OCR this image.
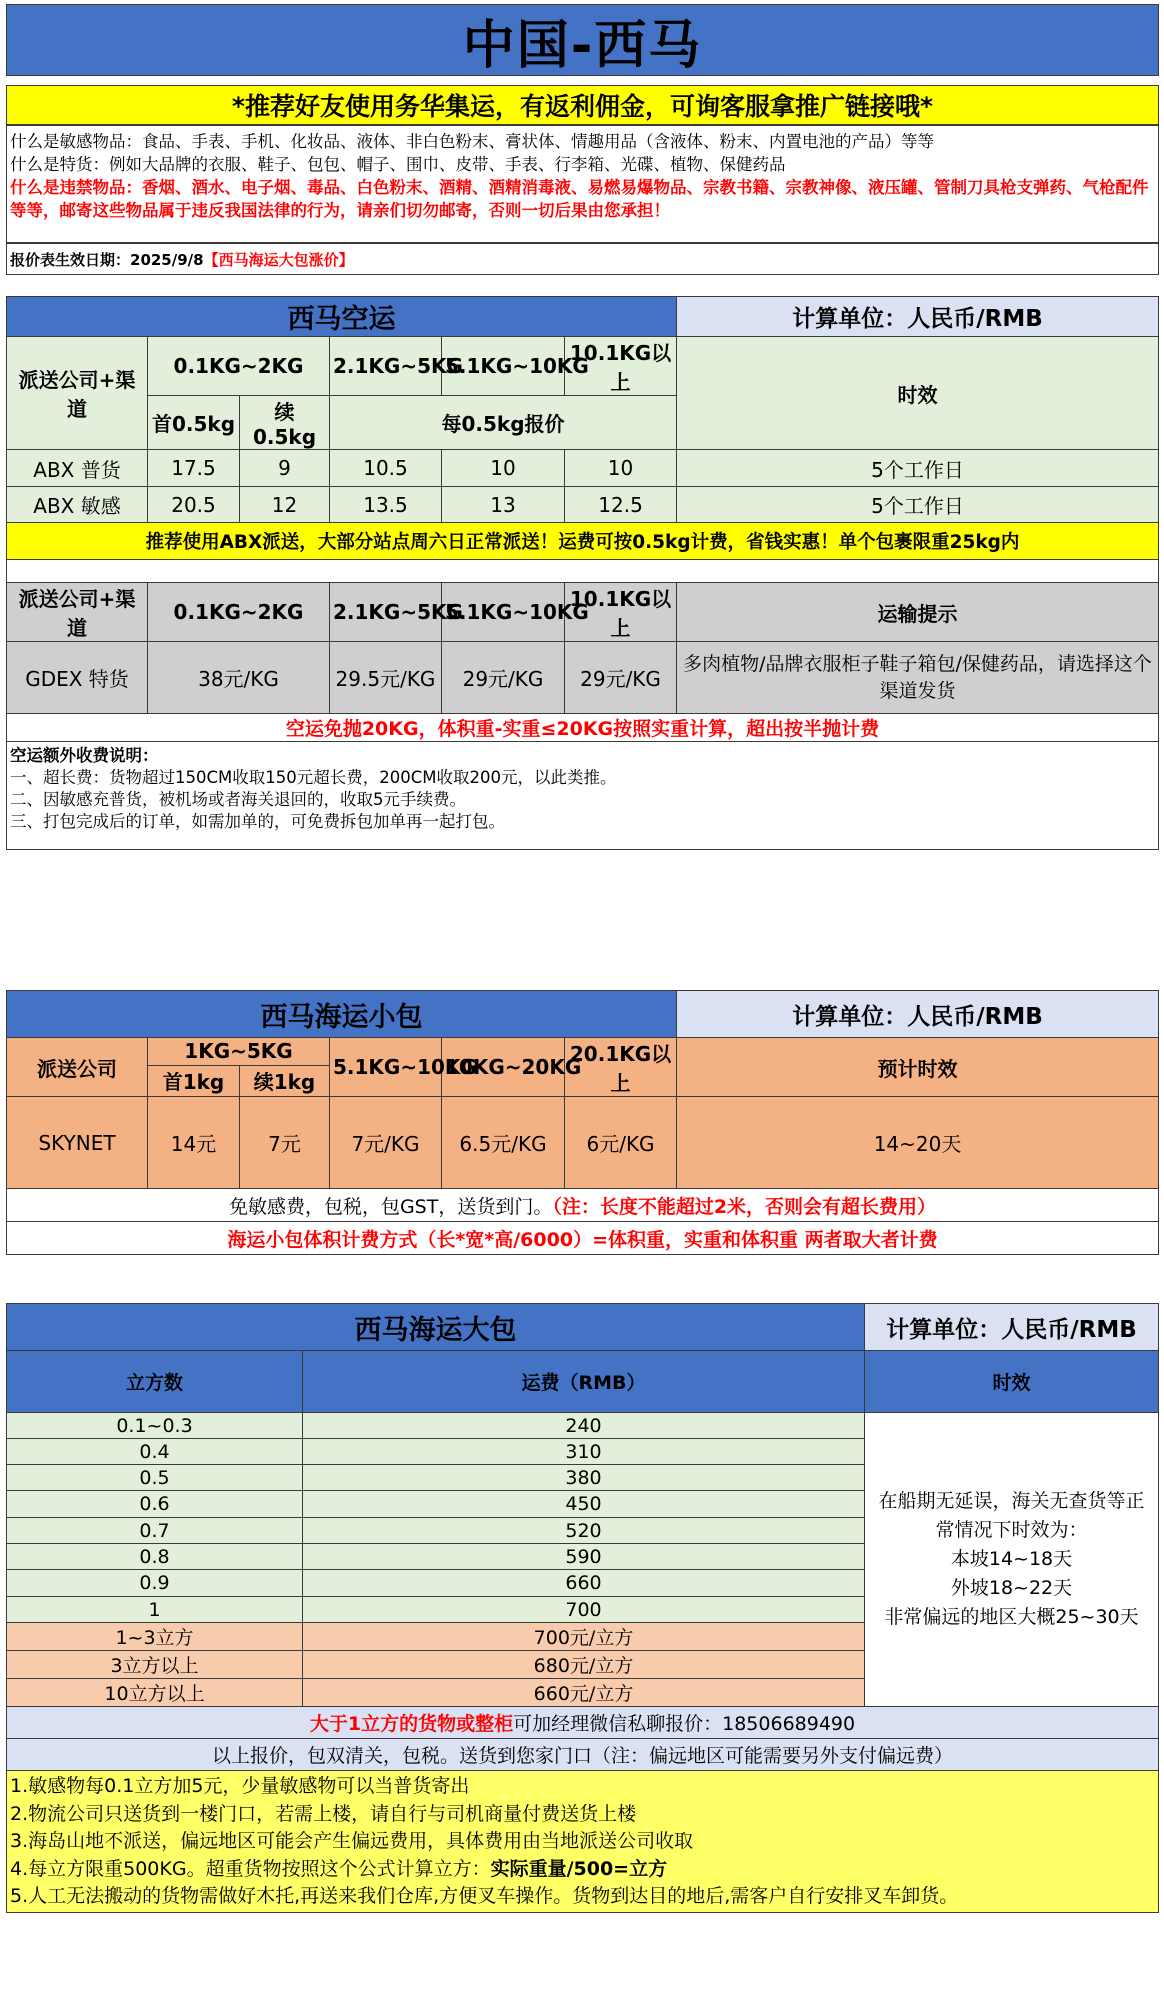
中国-西马
*推荐好友使用务华集运，有返利佣金，可询客服拿推广链接哦*
什么是敏感物品：食品、手表、手机、化妆品、液体、非白色粉末、膏状体、情趣用品（含液体、粉末、内置电池的产品）等等
什么是特货：例如大品牌的衣服、鞋子、包包、帽子、围巾、皮带、手表、行李箱、光碟、植物、保健药品
什么是违禁物品：香烟、酒水、电子烟、毒品、白色粉末、酒精、酒精消毒液、易燃易爆物品、宗教书籍、宗教神像、液压罐、管制刀具枪支弹药、气枪配件等等，邮寄这些物品属于违反我国法律的行为，请亲们切勿邮寄，否则一切后果由您承担！
报价表生效日期：2025/9/8 【西马海运大包涨价】
西马空运						计算单位：人民币/RMB
派送公司+渠道	0.1KG~2KG		2.1KG~5KG	5.1KG~10KG	10.1KG以上	时效
	首0.5kg	续0.5kg	每0.5kg报价			
ABX 普货	17.5	9	10.5	10	10	5个工作日
ABX 敏感	20.5	12	13.5	13	12.5	5个工作日
推荐使用ABX派送，大部分站点周六日正常派送！运费可按0.5kg计费，省钱实惠！单个包裹限重25kg内						

派送公司+渠道	0.1KG~2KG		2.1KG~5KG	5.1KG~10KG	10.1KG以上	运输提示
GDEX 特货	38元/KG		29.5元/KG	29元/KG	29元/KG	多肉植物/品牌衣服柜子鞋子箱包/保健药品，请选择这个渠道发货
空运免抛20KG，体积重-实重≤20KG按照实重计算，超出按半抛计费						
空运额外收费说明：
一、超长费：货物超过150CM收取150元超长费，200CM收取200元，以此类推。
二、因敏感充普货，被机场或者海关退回的，收取5元手续费。
三、打包完成后的订单，如需加单的，可免费拆包加单再一起打包。
西马海运小包						计算单位：人民币/RMB
派送公司	1KG~5KG		5.1KG~10KG	10KG~20KG	20.1KG以上	预计时效
	首1kg	续1kg				
SKYNET	14元	7元	7元/KG	6.5元/KG	6元/KG	14~20天
免敏感费，包税，包GST，送货到门。（注：长度不能超过2米，否则会有超长费用）						
海运小包体积计费方式（长*宽*高/6000）=体积重，实重和体积重 两者取大者计费						
西马海运大包		计算单位：人民币/RMB
立方数	运费（RMB）	时效
0.1~0.3	240	在船期无延误，海关无查货等正常情况下时效为：
本坡14~18天
外坡18~22天
非常偏远的地区大概25~30天
0.4	310	
0.5	380	
0.6	450	
0.7	520	
0.8	590	
0.9	660	
1	700	
1~3立方	700元/立方	
3立方以上	680元/立方	
10立方以上	660元/立方	
大于1立方的货物或整柜可加经理微信私聊报价：18506689490		
以上报价，包双清关，包税。送货到您家门口（注：偏远地区可能需要另外支付偏远费）		
1.敏感物每0.1立方加5元，少量敏感物可以当普货寄出
2.物流公司只送货到一楼门口，若需上楼，请自行与司机商量付费送货上楼
3.海岛山地不派送，偏远地区可能会产生偏远费用，具体费用由当地派送公司收取
4.每立方限重500KG。超重货物按照这个公式计算立方：实际重量/500=立方
5.人工无法搬动的货物需做好木托,再送来我们仓库,方便叉车操作。货物到达目的地后,需客户自行安排叉车卸货。
